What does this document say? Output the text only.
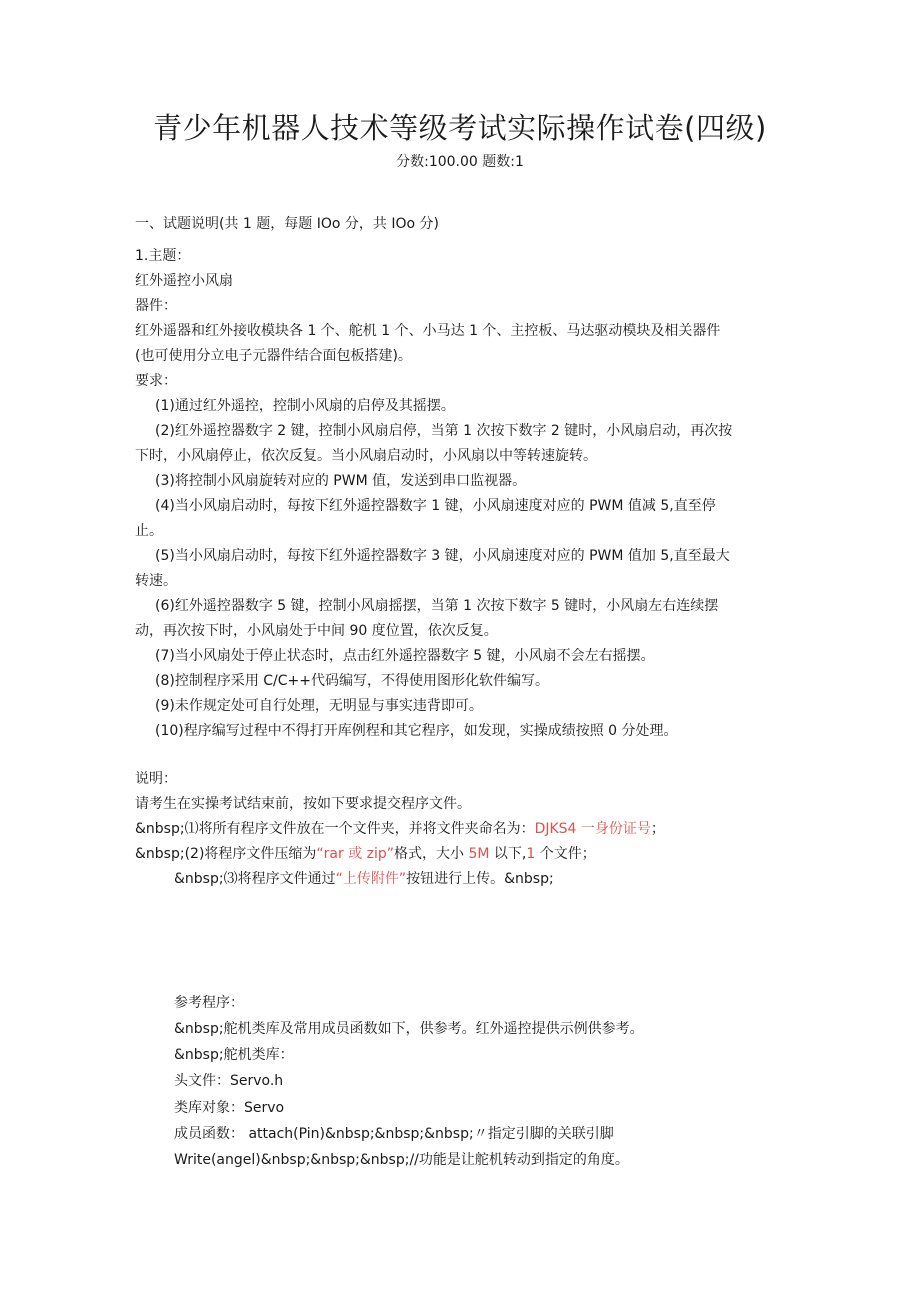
青少年机器人技术等级考试实际操作试卷(四级)
分数:100.00 题数:1
一、试题说明(共 1 题，每题 IOo 分，共 IOo 分)
1.主题：
红外遥控小风扇
器件：
红外遥器和红外接收模块各 1 个、舵机 1 个、小马达 1 个、主控板、马达驱动模块及相关器件
(也可使用分立电子元器件结合面包板搭建)。
要求：
(1)通过红外遥控，控制小风扇的启停及其摇摆。
(2)红外遥控器数字 2 键，控制小风扇启停，当第 1 次按下数字 2 键时，小风扇启动，再次按
下时，小风扇停止，依次反复。当小风扇启动时，小风扇以中等转速旋转。
(3)将控制小风扇旋转对应的 PWM 值，发送到串口监视器。
(4)当小风扇启动时，每按下红外遥控器数字 1 键，小风扇速度对应的 PWM 值减 5,直至停
止。
(5)当小风扇启动时，每按下红外遥控器数字 3 键，小风扇速度对应的 PWM 值加 5,直至最大
转速。
(6)红外遥控器数字 5 键，控制小风扇摇摆，当第 1 次按下数字 5 键时，小风扇左右连续摆
动，再次按下时，小风扇处于中间 90 度位置，依次反复。
(7)当小风扇处于停止状态时，点击红外遥控器数字 5 键，小风扇不会左右摇摆。
(8)控制程序采用 C/C++代码编写，不得使用图形化软件编写。
(9)未作规定处可自行处理，无明显与事实违背即可。
(10)程序编写过程中不得打开库例程和其它程序，如发现，实操成绩按照 0 分处理。
说明：
请考生在实操考试结束前，按如下要求提交程序文件。
&nbsp;⑴将所有程序文件放在一个文件夹，并将文件夹命名为：DJKS4 一身份证号；
&nbsp;(2)将程序文件压缩为“rar 或 zip”格式，大小 5M 以下,1 个文件；
&nbsp;⑶将程序文件通过“上传附件”按钮进行上传。&nbsp;
参考程序：
&nbsp;舵机类库及常用成员函数如下，供参考。红外遥控提供示例供参考。
&nbsp;舵机类库：
头文件：Servo.h
类库对象：Servo
成员函数： attach(Pin)&nbsp;&nbsp;&nbsp;〃指定引脚的关联引脚
Write(angel)&nbsp;&nbsp;&nbsp;//功能是让舵机转动到指定的角度。
